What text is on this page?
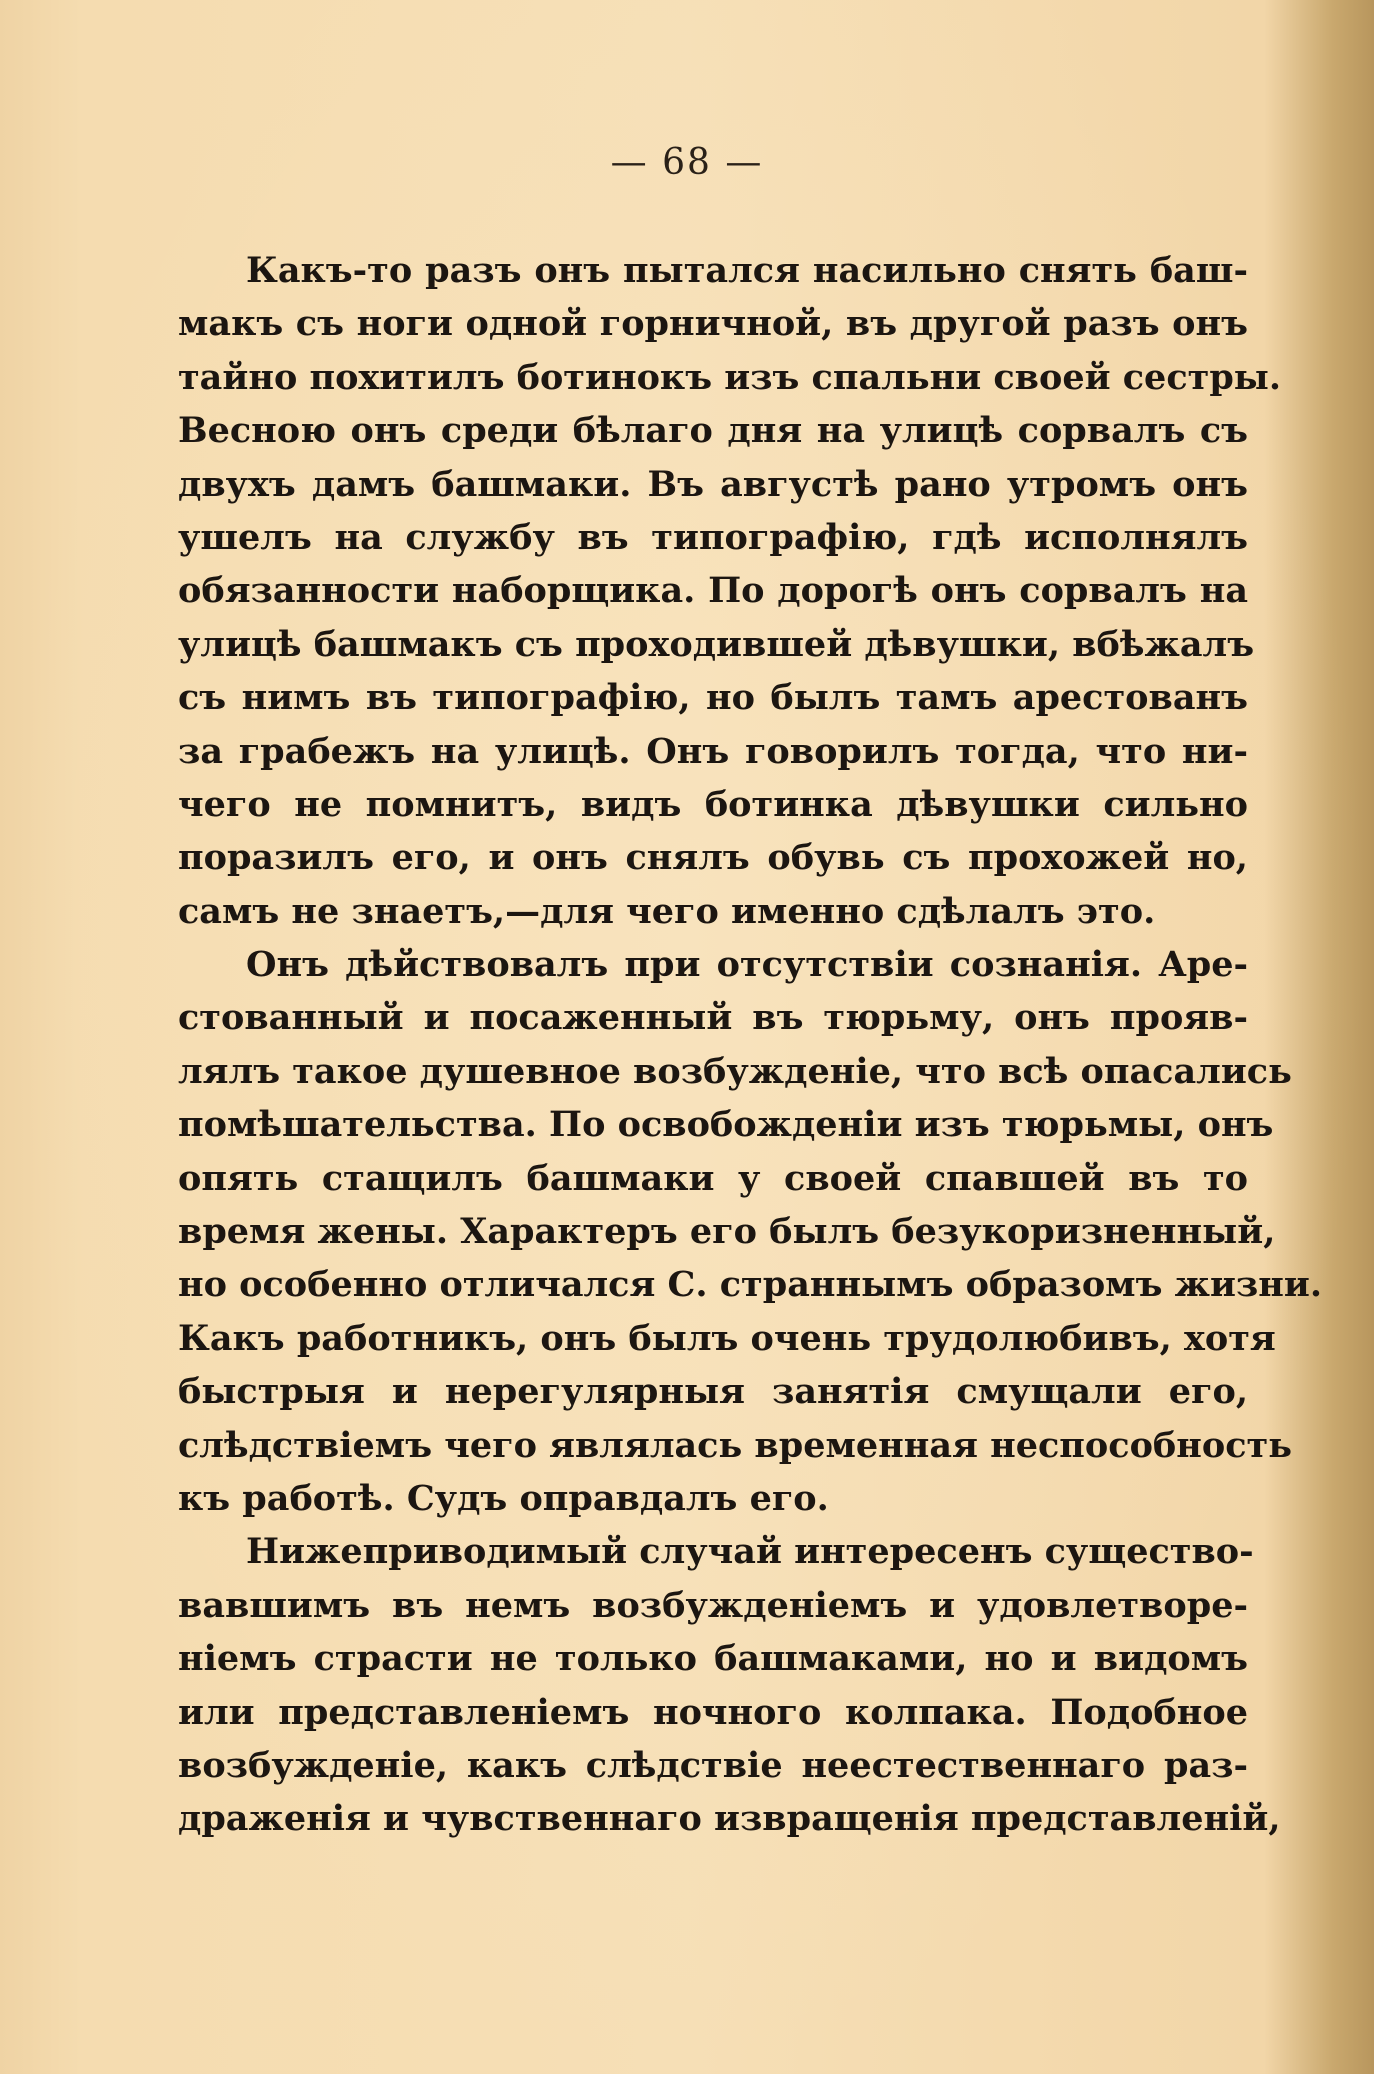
— 68 —
Какъ-то разъ онъ пытался насильно снять баш-
макъ съ ноги одной горничной, въ другой разъ онъ
тайно похитилъ ботинокъ изъ спальни своей сестры.
Весною онъ среди бѣлаго дня на улицѣ сорвалъ съ
двухъ дамъ башмаки. Въ августѣ рано утромъ онъ
ушелъ на службу въ типографію, гдѣ исполнялъ
обязанности наборщика. По дорогѣ онъ сорвалъ на
улицѣ башмакъ съ проходившей дѣвушки, вбѣжалъ
съ нимъ въ типографію, но былъ тамъ арестованъ
за грабежъ на улицѣ. Онъ говорилъ тогда, что ни-
чего не помнитъ, видъ ботинка дѣвушки сильно
поразилъ его, и онъ снялъ обувь съ прохожей но,
самъ не знаетъ,—для чего именно сдѣлалъ это.
Онъ дѣйствовалъ при отсутствіи сознанія. Аре-
стованный и посаженный въ тюрьму, онъ прояв-
лялъ такое душевное возбужденіе, что всѣ опасались
помѣшательства. По освобожденіи изъ тюрьмы, онъ
опять стащилъ башмаки у своей спавшей въ то
время жены. Характеръ его былъ безукоризненный,
но особенно отличался С. страннымъ образомъ жизни.
Какъ работникъ, онъ былъ очень трудолюбивъ, хотя
быстрыя и нерегулярныя занятія смущали его,
слѣдствіемъ чего являлась временная неспособность
къ работѣ. Судъ оправдалъ его.
Нижеприводимый случай интересенъ существо-
вавшимъ въ немъ возбужденіемъ и удовлетворе-
ніемъ страсти не только башмаками, но и видомъ
или представленіемъ ночного колпака. Подобное
возбужденіе, какъ слѣдствіе неестественнаго раз-
драженія и чувственнаго извращенія представленій,
